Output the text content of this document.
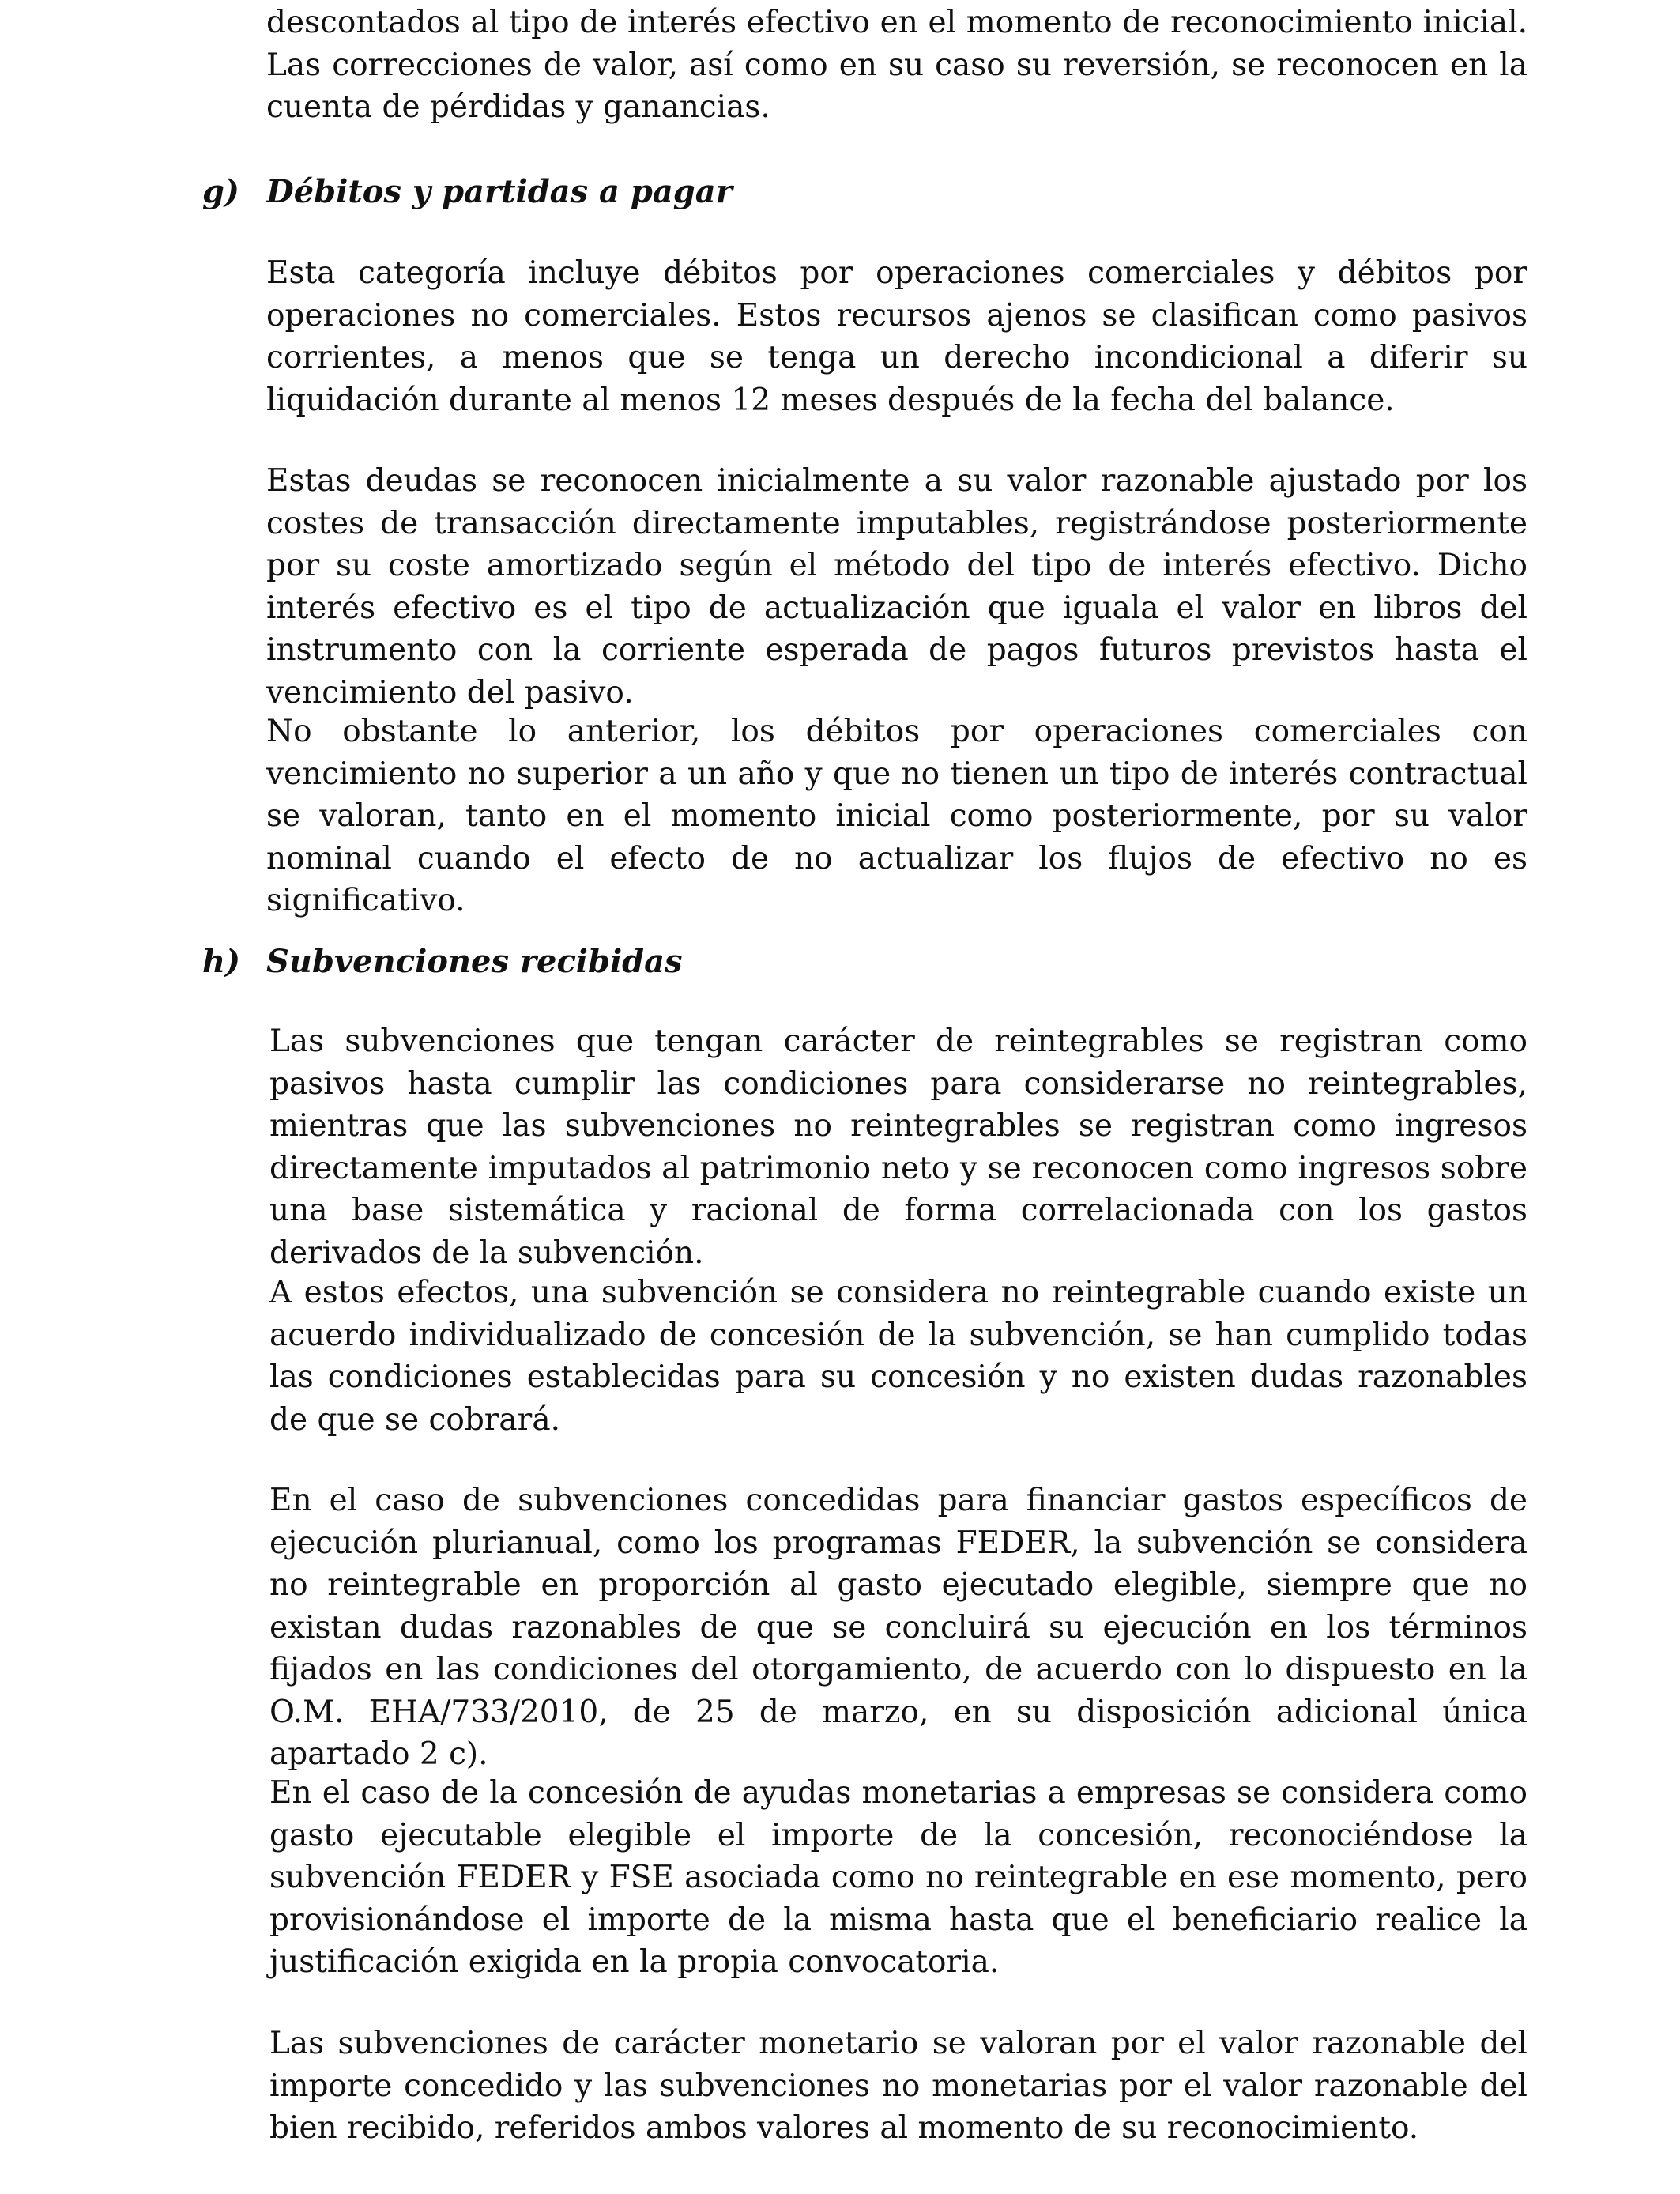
descontados al tipo de interés efectivo en el momento de reconocimiento inicial. Las correcciones de valor, así como en su caso su reversión, se reconocen en la cuenta de pérdidas y ganancias.

g) Débitos y partidas a pagar

Esta categoría incluye débitos por operaciones comerciales y débitos por operaciones no comerciales. Estos recursos ajenos se clasifican como pasivos corrientes, a menos que se tenga un derecho incondicional a diferir su liquidación durante al menos 12 meses después de la fecha del balance.

Estas deudas se reconocen inicialmente a su valor razonable ajustado por los costes de transacción directamente imputables, registrándose posteriormente por su coste amortizado según el método del tipo de interés efectivo. Dicho interés efectivo es el tipo de actualización que iguala el valor en libros del instrumento con la corriente esperada de pagos futuros previstos hasta el vencimiento del pasivo.

No obstante lo anterior, los débitos por operaciones comerciales con vencimiento no superior a un año y que no tienen un tipo de interés contractual se valoran, tanto en el momento inicial como posteriormente, por su valor nominal cuando el efecto de no actualizar los flujos de efectivo no es significativo.

h) Subvenciones recibidas

Las subvenciones que tengan carácter de reintegrables se registran como pasivos hasta cumplir las condiciones para considerarse no reintegrables, mientras que las subvenciones no reintegrables se registran como ingresos directamente imputados al patrimonio neto y se reconocen como ingresos sobre una base sistemática y racional de forma correlacionada con los gastos derivados de la subvención.

A estos efectos, una subvención se considera no reintegrable cuando existe un acuerdo individualizado de concesión de la subvención, se han cumplido todas las condiciones establecidas para su concesión y no existen dudas razonables de que se cobrará.

En el caso de subvenciones concedidas para financiar gastos específicos de ejecución plurianual, como los programas FEDER, la subvención se considera no reintegrable en proporción al gasto ejecutado elegible, siempre que no existan dudas razonables de que se concluirá su ejecución en los términos fijados en las condiciones del otorgamiento, de acuerdo con lo dispuesto en la O.M. EHA/733/2010, de 25 de marzo, en su disposición adicional única apartado 2 c).

En el caso de la concesión de ayudas monetarias a empresas se considera como gasto ejecutable elegible el importe de la concesión, reconociéndose la subvención FEDER y FSE asociada como no reintegrable en ese momento, pero provisionándose el importe de la misma hasta que el beneficiario realice la justificación exigida en la propia convocatoria.

Las subvenciones de carácter monetario se valoran por el valor razonable del importe concedido y las subvenciones no monetarias por el valor razonable del bien recibido, referidos ambos valores al momento de su reconocimiento.
